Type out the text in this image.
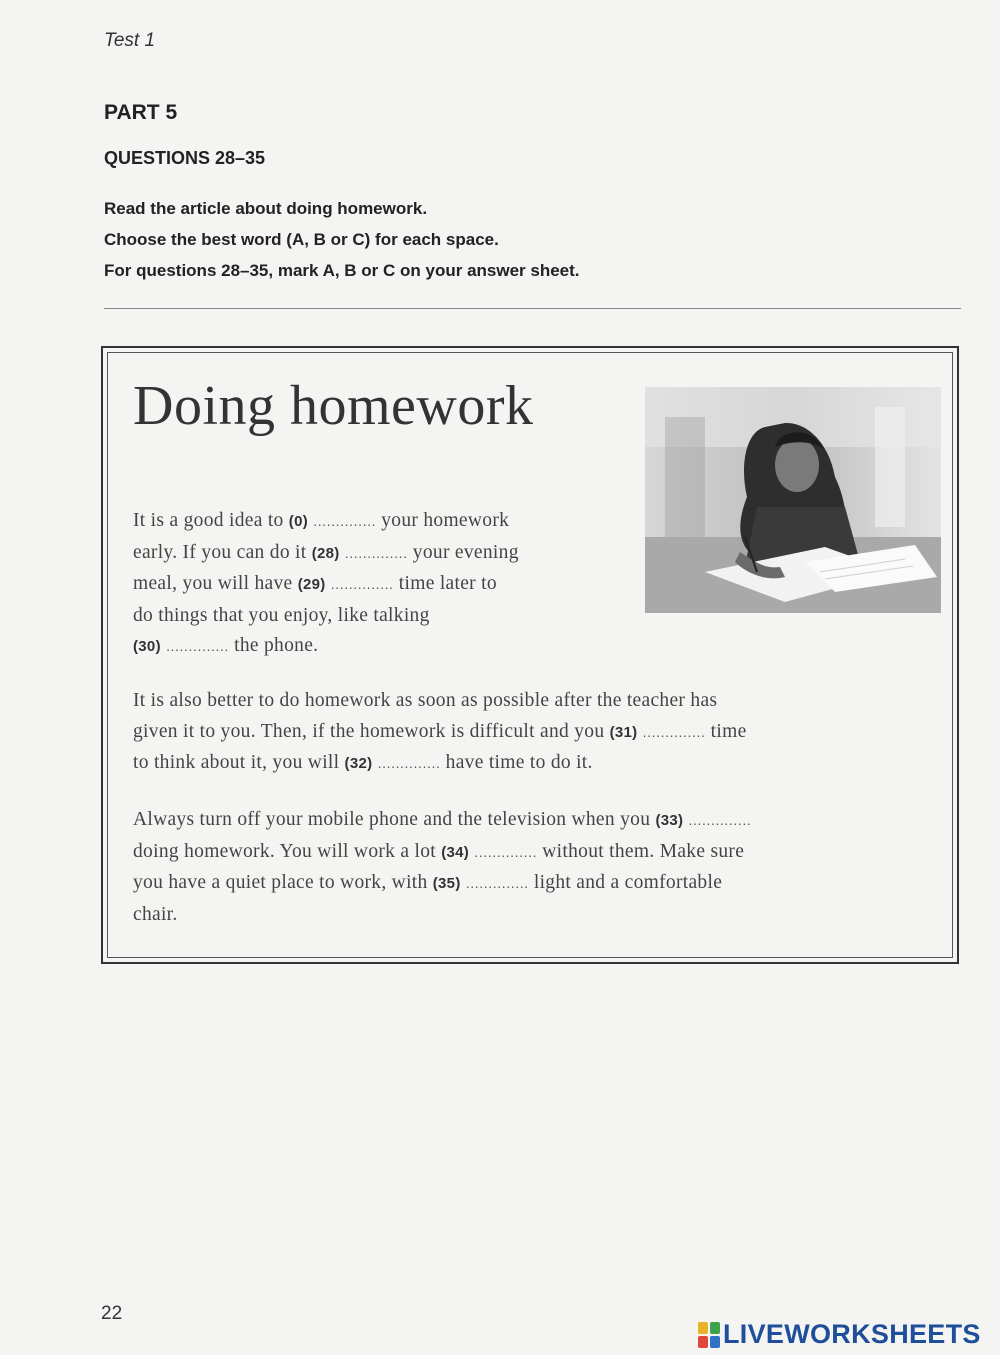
Test 1
PART 5
QUESTIONS 28–35
Read the article about doing homework.
Choose the best word (A, B or C) for each space.
For questions 28–35, mark A, B or C on your answer sheet.
Doing homework
It is a good idea to (0) .............. your homework
early. If you can do it (28) .............. your evening
meal, you will have (29) .............. time later to
do things that you enjoy, like talking
(30) .............. the phone.
It is also better to do homework as soon as possible after the teacher has
given it to you. Then, if the homework is difficult and you (31) .............. time
to think about it, you will (32) .............. have time to do it.
Always turn off your mobile phone and the television when you (33) ..............
doing homework. You will work a lot (34) .............. without them. Make sure
you have a quiet place to work, with (35) .............. light and a comfortable
chair.
22
LIVEWORKSHEETS
